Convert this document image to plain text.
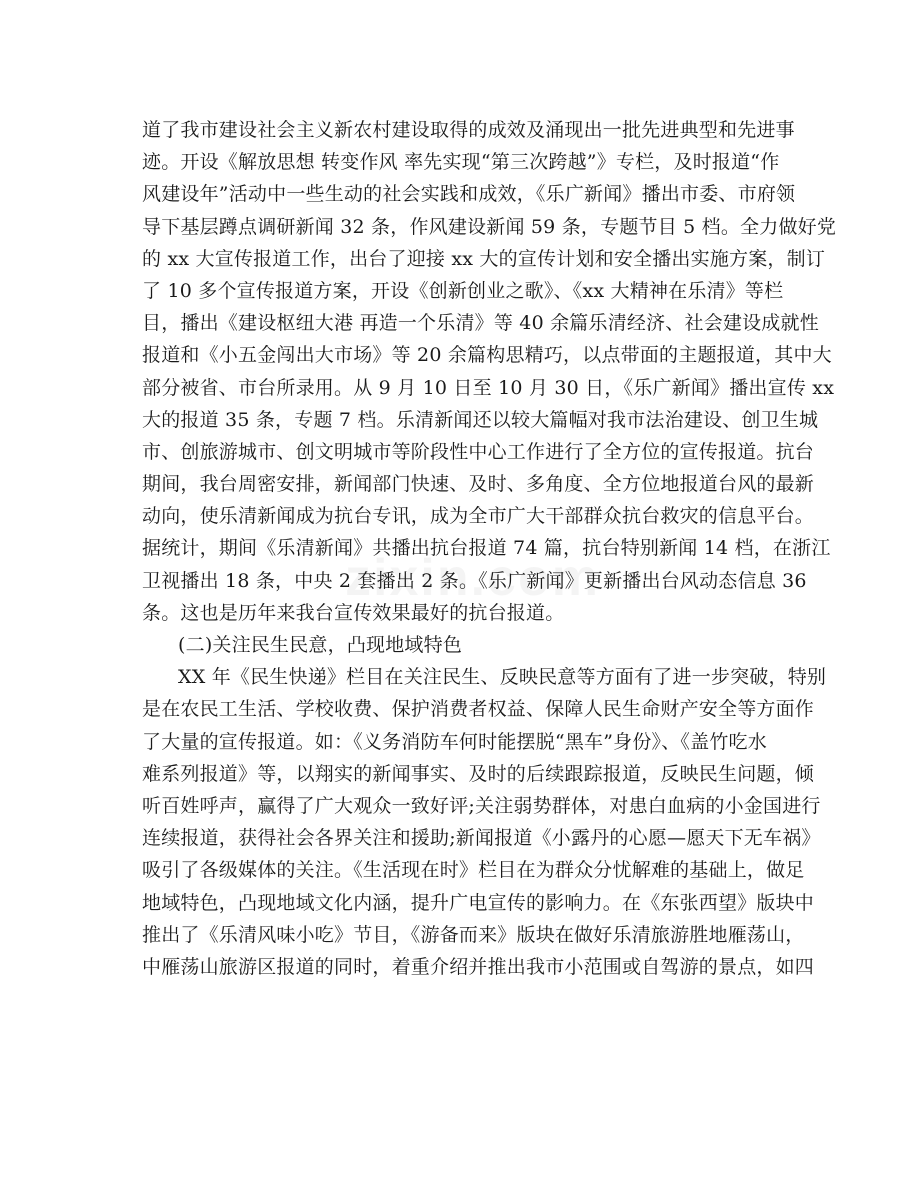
道了我市建设社会主义新农村建设取得的成效及涌现出一批先进典型和先进事
迹。开设《解放思想 转变作风 率先实现“第三次跨越”》专栏，及时报道“作
风建设年”活动中一些生动的社会实践和成效，《乐广新闻》播出市委、市府领
导下基层蹲点调研新闻 32 条，作风建设新闻 59 条，专题节目 5 档。全力做好党
的 xx 大宣传报道工作，出台了迎接 xx 大的宣传计划和安全播出实施方案，制订
了 10 多个宣传报道方案，开设《创新创业之歌》、《xx 大精神在乐清》等栏
目，播出《建设枢纽大港 再造一个乐清》等 40 余篇乐清经济、社会建设成就性
报道和《小五金闯出大市场》等 20 余篇构思精巧，以点带面的主题报道，其中大
部分被省、市台所录用。从 9 月 10 日至 10 月 30 日，《乐广新闻》播出宣传 xx
大的报道 35 条，专题 7 档。乐清新闻还以较大篇幅对我市法治建设、创卫生城
市、创旅游城市、创文明城市等阶段性中心工作进行了全方位的宣传报道。抗台
期间，我台周密安排，新闻部门快速、及时、多角度、全方位地报道台风的最新
动向，使乐清新闻成为抗台专讯，成为全市广大干部群众抗台救灾的信息平台。
据统计，期间《乐清新闻》共播出抗台报道 74 篇，抗台特别新闻 14 档，在浙江
卫视播出 18 条，中央 2 套播出 2 条。《乐广新闻》更新播出台风动态信息 36
条。这也是历年来我台宣传效果最好的抗台报道。
(二)关注民生民意，凸现地域特色
XX 年《民生快递》栏目在关注民生、反映民意等方面有了进一步突破，特别
是在农民工生活、学校收费、保护消费者权益、保障人民生命财产安全等方面作
了大量的宣传报道。如：《义务消防车何时能摆脱“黑车”身份》、《盖竹吃水
难系列报道》等，以翔实的新闻事实、及时的后续跟踪报道，反映民生问题，倾
听百姓呼声，赢得了广大观众一致好评;关注弱势群体，对患白血病的小金国进行
连续报道，获得社会各界关注和援助;新闻报道《小露丹的心愿—愿天下无车祸》
吸引了各级媒体的关注。《生活现在时》栏目在为群众分忧解难的基础上，做足
地域特色，凸现地域文化内涵，提升广电宣传的影响力。在《东张西望》版块中
推出了《乐清风味小吃》节目，《游备而来》版块在做好乐清旅游胜地雁荡山，
中雁荡山旅游区报道的同时，着重介绍并推出我市小范围或自驾游的景点，如四
